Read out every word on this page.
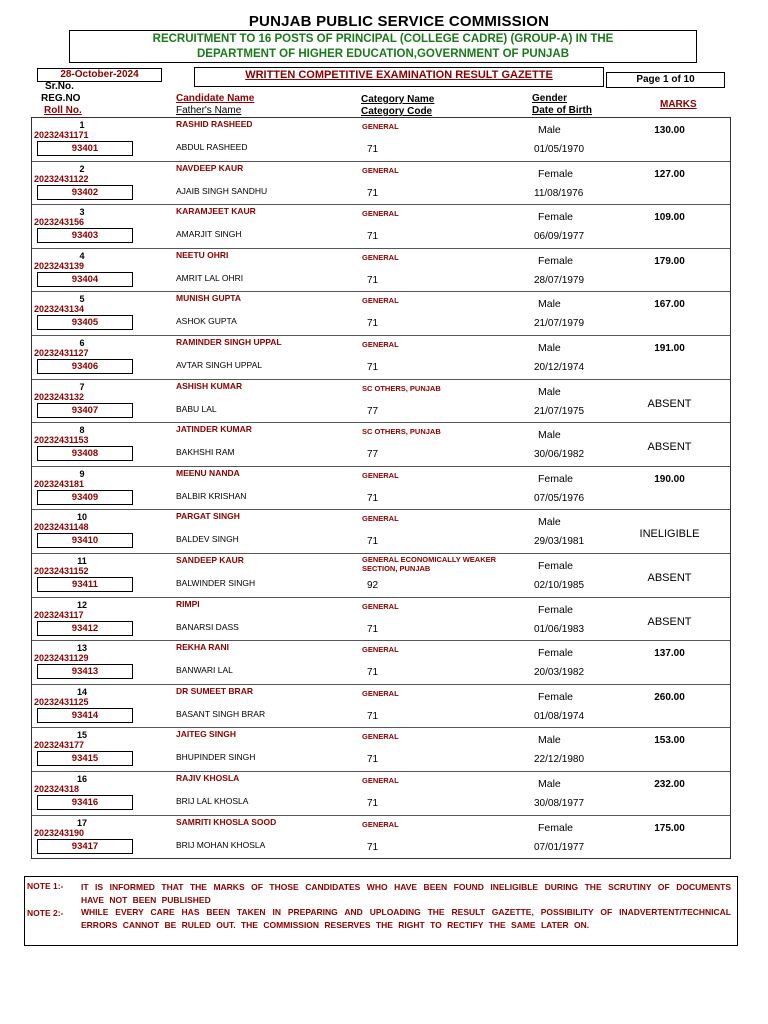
PUNJAB PUBLIC SERVICE COMMISSION
RECRUITMENT TO 16 POSTS OF PRINCIPAL (COLLEGE CADRE) (GROUP-A) IN THE
DEPARTMENT OF HIGHER EDUCATION,GOVERNMENT OF PUNJAB
28-October-2024	WRITTEN COMPETITIVE EXAMINATION RESULT GAZETTE	Page 1 of 10
Sr.No.
REG.NO
Roll No.
Candidate Name
Father's Name
Category Name
Category Code
Gender
Date of Birth
MARKS
1
20232431171
93401
RASHID RASHEED
ABDUL RASHEED
GENERAL
71
Male
01/05/1970
130.00
2
20232431122
93402
NAVDEEP KAUR
AJAIB SINGH SANDHU
GENERAL
71
Female
11/08/1976
127.00
3
2023243156
93403
KARAMJEET KAUR
AMARJIT SINGH
GENERAL
71
Female
06/09/1977
109.00
4
2023243139
93404
NEETU OHRI
AMRIT LAL OHRI
GENERAL
71
Female
28/07/1979
179.00
5
2023243134
93405
MUNISH GUPTA
ASHOK GUPTA
GENERAL
71
Male
21/07/1979
167.00
6
20232431127
93406
RAMINDER SINGH UPPAL
AVTAR SINGH UPPAL
GENERAL
71
Male
20/12/1974
191.00
7
2023243132
93407
ASHISH KUMAR
BABU LAL
SC OTHERS, PUNJAB
77
Male
21/07/1975
ABSENT
8
20232431153
93408
JATINDER KUMAR
BAKHSHI RAM
SC OTHERS, PUNJAB
77
Male
30/06/1982
ABSENT
9
2023243181
93409
MEENU NANDA
BALBIR KRISHAN
GENERAL
71
Female
07/05/1976
190.00
10
20232431148
93410
PARGAT SINGH
BALDEV SINGH
GENERAL
71
Male
29/03/1981
INELIGIBLE
11
20232431152
93411
SANDEEP KAUR
BALWINDER SINGH
GENERAL ECONOMICALLY WEAKER SECTION, PUNJAB
92
Female
02/10/1985
ABSENT
12
2023243117
93412
RIMPI
BANARSI DASS
GENERAL
71
Female
01/06/1983
ABSENT
13
20232431129
93413
REKHA RANI
BANWARI LAL
GENERAL
71
Female
20/03/1982
137.00
14
20232431125
93414
DR SUMEET BRAR
BASANT SINGH BRAR
GENERAL
71
Female
01/08/1974
260.00
15
2023243177
93415
JAITEG SINGH
BHUPINDER SINGH
GENERAL
71
Male
22/12/1980
153.00
16
202324318
93416
RAJIV KHOSLA
BRIJ LAL KHOSLA
GENERAL
71
Male
30/08/1977
232.00
17
2023243190
93417
SAMRITI KHOSLA SOOD
BRIJ MOHAN KHOSLA
GENERAL
71
Female
07/01/1977
175.00
NOTE 1:- IT IS INFORMED THAT THE MARKS OF THOSE CANDIDATES WHO HAVE BEEN FOUND INELIGIBLE DURING THE SCRUTINY OF DOCUMENTS HAVE NOT BEEN PUBLISHED
NOTE 2:- WHILE EVERY CARE HAS BEEN TAKEN IN PREPARING AND UPLOADING THE RESULT GAZETTE, POSSIBILITY OF INADVERTENT/TECHNICAL ERRORS CANNOT BE RULED OUT. THE COMMISSION RESERVES THE RIGHT TO RECTIFY THE SAME LATER ON.
